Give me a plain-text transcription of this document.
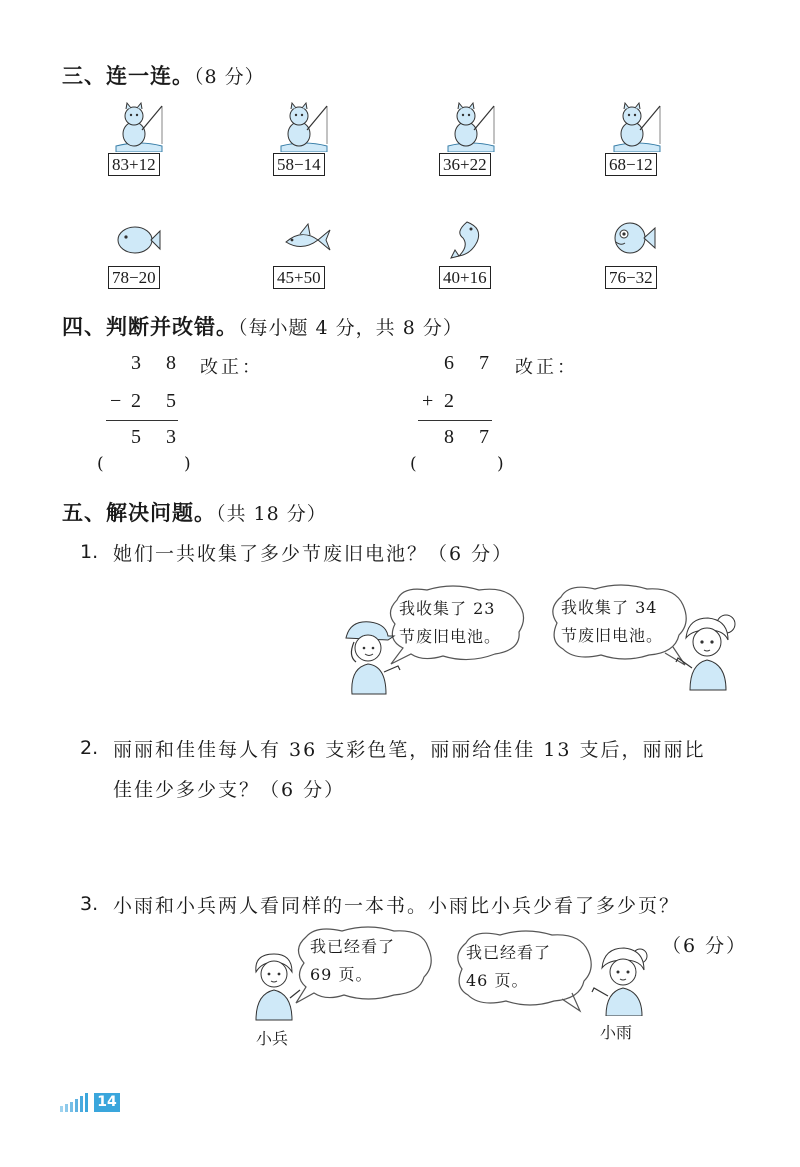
三、连一连。（8 分）
83+12	58−14	36+22	68−12
78−20	45+50	40+16	76−32
四、判断并改错。（每小题 4 分，共 8 分）
3 8
− 2 5
5 3
改正：
(	)
6 7
+ 2
8 7
改正：
(	)
五、解决问题。（共 18 分）
1. 她们一共收集了多少节废旧电池？（6 分）
我收集了 23
节废旧电池。
我收集了 34
节废旧电池。
2. 丽丽和佳佳每人有 36 支彩色笔，丽丽给佳佳 13 支后，丽丽比
佳佳少多少支？（6 分）
3. 小雨和小兵两人看同样的一本书。小雨比小兵少看了多少页？
（6 分）
我已经看了
69 页。
我已经看了
46 页。
小兵	小雨
14
